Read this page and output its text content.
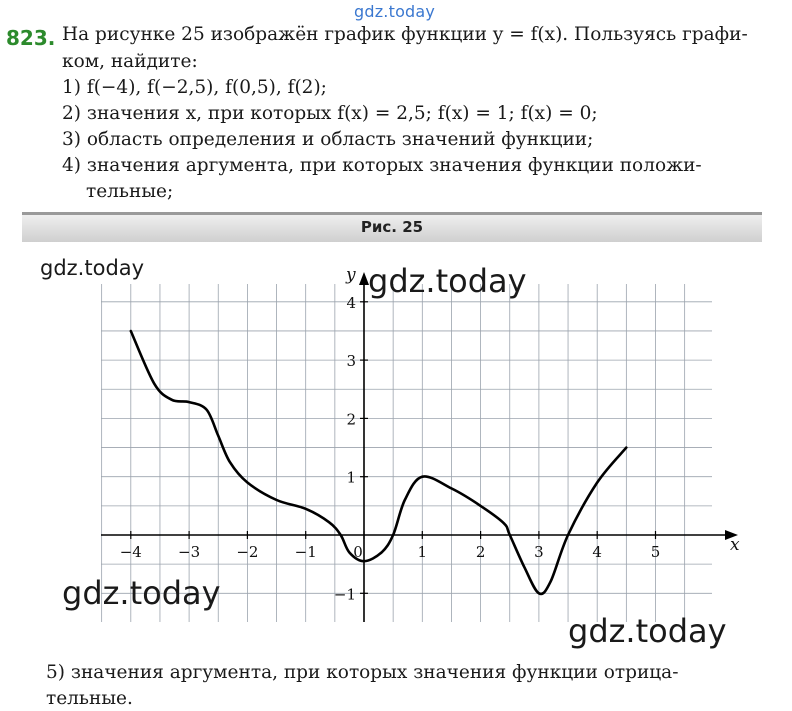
gdz.today
823. На рисунке 25 изображён график функции y = f(x). Пользуясь графи-
ком, найдите:
1) f(−4), f(−2,5), f(0,5), f(2);
2) значения x, при которых f(x) = 2,5; f(x) = 1; f(x) = 0;
3) область определения и область значений функции;
4) значения аргумента, при которых значения функции положи-
тельные;
Рис. 25
−4 −3 −2 −1 0	1	2	3	4	5
−1
1
2
3
4
x
y
gdz.today	gdz.today
gdz.today
gdz.today
5) значения аргумента, при которых значения функции отрица-
тельные.
